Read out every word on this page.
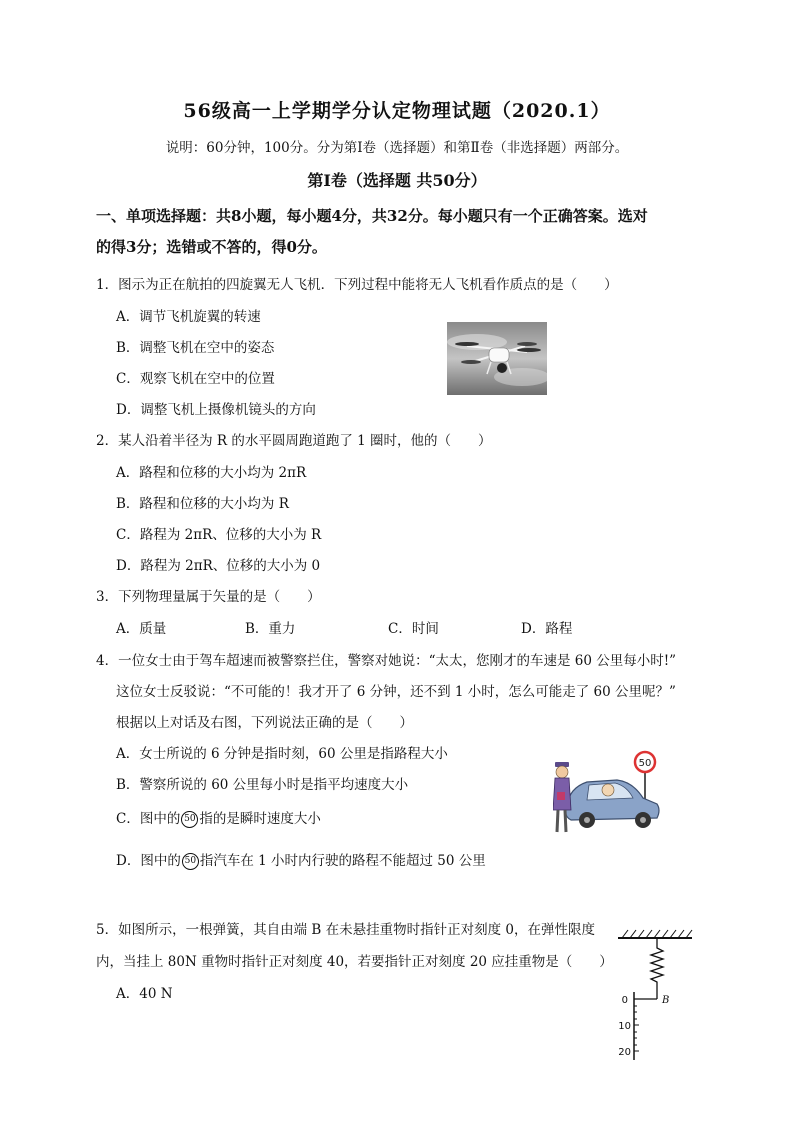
56级高一上学期学分认定物理试题（2020.1）
说明：60分钟，100分。分为第Ⅰ卷（选择题）和第Ⅱ卷（非选择题）两部分。
第Ⅰ卷（选择题 共50分）
一、单项选择题：共8小题，每小题4分，共32分。每小题只有一个正确答案。选对
的得3分；选错或不答的，得0分。
1．图示为正在航拍的四旋翼无人飞机．下列过程中能将无人飞机看作质点的是（　　）
A．调节飞机旋翼的转速
B．调整飞机在空中的姿态
C．观察飞机在空中的位置
D．调整飞机上摄像机镜头的方向
2．某人沿着半径为 R 的水平圆周跑道跑了 1 圈时，他的（　　）
A．路程和位移的大小均为 2πR
B．路程和位移的大小均为 R
C．路程为 2πR、位移的大小为 R
D．路程为 2πR、位移的大小为 0
3．下列物理量属于矢量的是（　　）
A．质量	B．重力	C．时间	D．路程
4．一位女士由于驾车超速而被警察拦住，警察对她说：“太太，您刚才的车速是 60 公里每小时!”
这位女士反驳说：“不可能的！我才开了 6 分钟，还不到 1 小时，怎么可能走了 60 公里呢？”
根据以上对话及右图，下列说法正确的是（　　）
A．女士所说的 6 分钟是指时刻，60 公里是指路程大小
B．警察所说的 60 公里每小时是指平均速度大小
C．图中的 50 指的是瞬时速度大小
D．图中的 50 指汽车在 1 小时内行驶的路程不能超过 50 公里
50
5．如图所示，一根弹簧，其自由端 B 在未悬挂重物时指针正对刻度 0，在弹性限度
内，当挂上 80N 重物时指针正对刻度 40，若要指针正对刻度 20 应挂重物是（　　）
A．40 N	B
0
10
20
